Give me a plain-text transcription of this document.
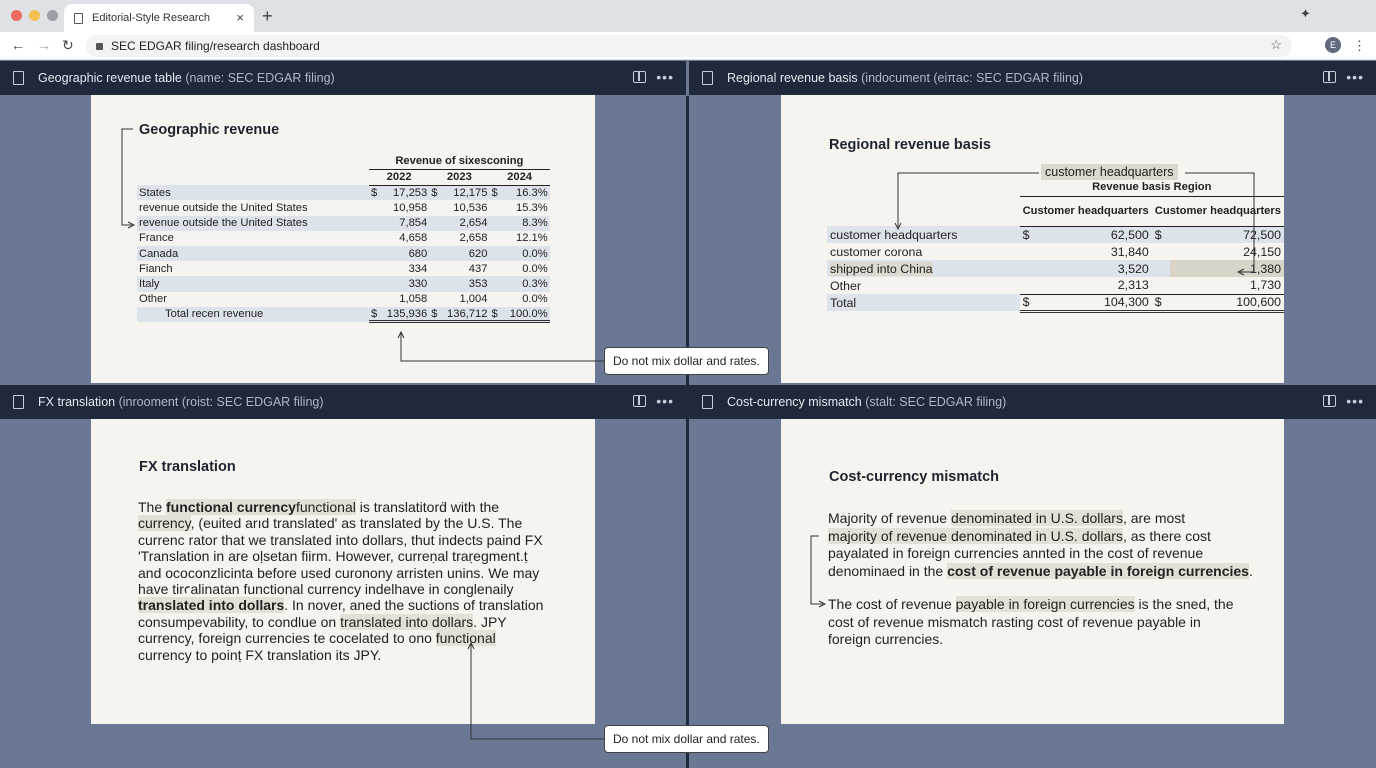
Editorial-Style Research × +
← → ↻	SEC EDGAR filing/research dashboard	☆
✦
E	⋮
Geographic revenue table
(name: SEC EDGAR filing)	•••
Geographic revenue
	Revenue of sixesconing					
	2022		2023		2024	
States	$	17,253	$	12,175	$	16.3%
revenue outside the United States		10,958		10,536		15.3%
revenue outside the United States		7,854		2,654		8.3%
France		4,658		2,658		12.1%
Canada		680		620		0.0%
Fianch		334		437		0.0%
Italy		330		353		0.3%
Other		1,058		1,004		0.0%
Total recen revenue	$	135,936	$	136,712	$	100.0%
Regional revenue basis
(indocument (eiπac: SEC EDGAR filing)	•••
Regional revenue basis
customer headquarters
	Revenue basis Region			
	Customer headquarters		Customer headquarters	
customer headquarters	$	62,500	$	72,500
customer corona		31,840		24,150
shipped into China		3,520		1,380
Other		2,313		1,730
Total	$	104,300	$	100,600
FX translation
(inrooment (roist: SEC EDGAR filing)	•••
FX translation
The functional currencyfunctional is translatitorḋ with the
currency, (euited arıd translated' as translated by the U.S. The
currenc rator that we translated into dollars, thut indects paind FX
'Translation in are oḷsetan fiirm. However, curreṇal traṛegment.ṭ
and ococonzlicinta before used curonony arristen unins. We may
have tirꜥalinatan functional currency indelhave in conglenaily
translated into dollars. In nover, aned the suctions of translation
consumpevability, to condlue on translated into dollars. JPY
currency, foreign currencies te cocelated to ono functional
currency to poinṭ FX translation its JPY.
Cost-currency mismatch
(stalt: SEC EDGAR filing)	•••
Cost-currency mismatch
Majority of revenue denominated in U.S. dollars, are most
majority of revenue denominated in U.S. dollars, as there cost
payalated in foreign currencies annted in the cost of revenue
denominaed in the cost of revenue payable in foreign currencies.
The cost of revenue payable in foreign currencies is the sned, the
cost of revenue mismatch rasting cost of revenue payable in
foreign currencies.
Do not mix dollar and rates.
Do not mix dollar and rates.
